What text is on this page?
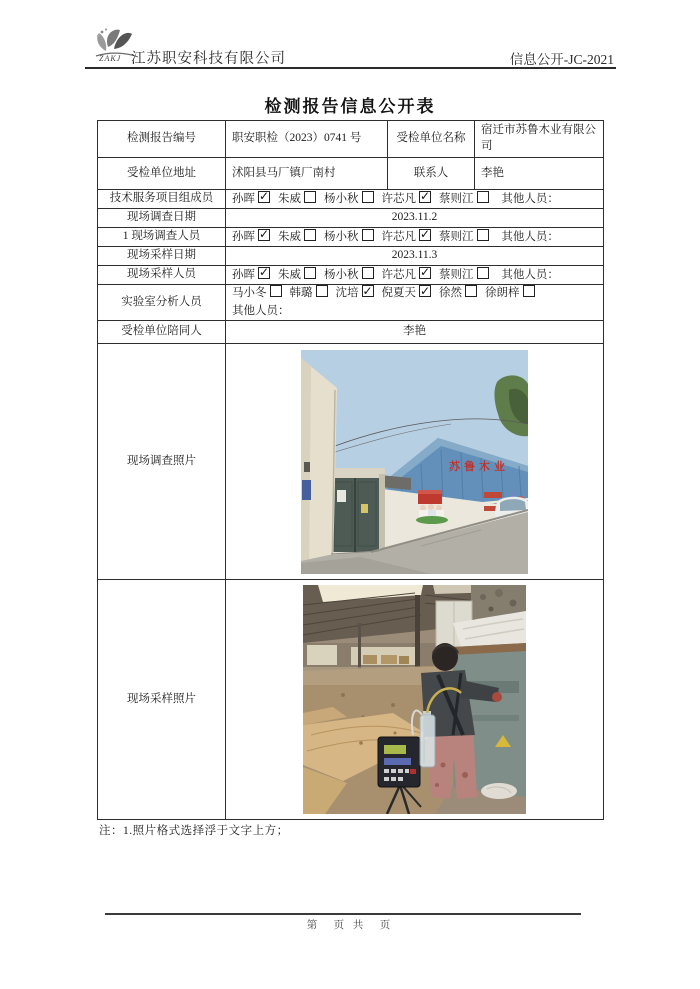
ZAKJ 江苏职安科技有限公司	信息公开-JC-2021
检测报告信息公开表
检测报告编号	职安职检（2023）0741 号	受检单位名称	宿迁市苏鲁木业有限公司
受检单位地址	沭阳县马厂镇厂南村	联系人	李艳
技术服务项目组成员	孙晖 ✓ 朱威 杨小秋 许芯凡 ✓ 蔡则江 其他人员：
现场调查日期	2023.11.2		
1 现场调查人员	孙晖 ✓ 朱威 杨小秋 许芯凡 ✓ 蔡则江 其他人员：
现场采样日期	2023.11.3		
现场采样人员	孙晖 ✓ 朱威 杨小秋 许芯凡 ✓ 蔡则江 其他人员：
实验室分析人员	马小冬 韩璐 沈培 ✓ 倪夏天 ✓ 徐然 徐朗梓
其他人员：

受检单位陪同人	李艳		
现场调查照片	苏鲁木业		

现场采样照片	
注：1.照片格式选择浮于文字上方；
第　页 共　页
